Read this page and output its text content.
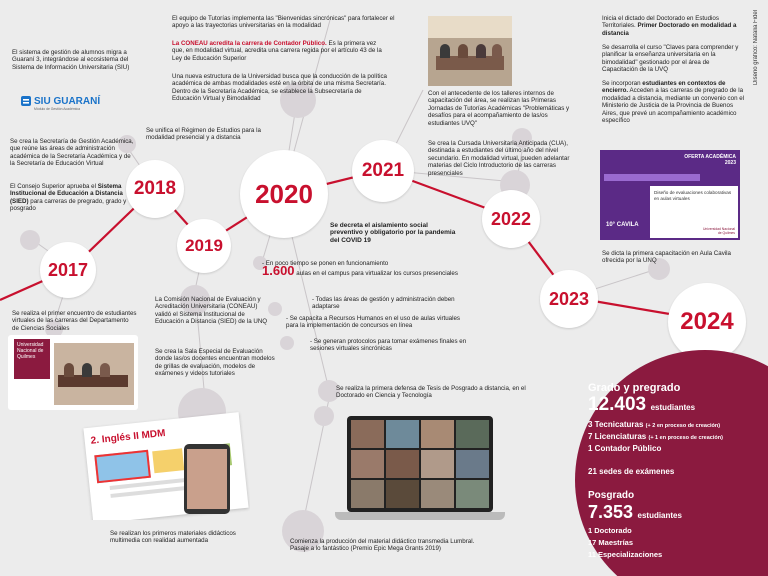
2017
2018
2019
2020
2021
2022
2023
2024
El sistema de gestión de alumnos migra a Guaraní 3, integrándose al ecosistema del Sistema de Información Universitaria (SIU)
SIU GUARANÍ
Módulo de Gestión Académica
Se crea la Secretaría de Gestión Académica, que reúne las áreas de administración académica de la Secretaría Académica y de la Secretaría de Educación Virtual
El Consejo Superior aprueba el Sistema Institucional de Educación a Distancia (SIED) para carreras de pregrado, grado y posgrado
Se realiza el primer encuentro de estudiantes virtuales de las carreras del Departamento de Ciencias Sociales
Universidad Nacional de Quilmes
Se unifica el Régimen de Estudios para la modalidad presencial y a distancia
El equipo de Tutorías implementa las "Bienvenidas sincrónicas" para fortalecer el apoyo a las trayectorias universitarias en la modalidad
La CONEAU acredita la carrera de Contador Público. Es la primera vez que, en modalidad virtual, acredita una carrera regida por el artículo 43 de la Ley de Educación Superior
Una nueva estructura de la Universidad busca que la conducción de la política académica de ambas modalidades esté en la órbita de una misma Secretaría. Dentro de la Secretaría Académica, se establece la Subsecretaría de Educación Virtual y Bimodalidad
La Comisión Nacional de Evaluación y Acreditación Universitaria (CONEAU) validó el Sistema Institucional de Educación a Distancia (SIED) de la UNQ
Se crea la Sala Especial de Evaluación donde las/os docentes encuentran modelos de grillas de evaluación, modelos de exámenes y videos tutoriales
2. Inglés II MDM
Se realizan los primeros materiales didácticos multimedia con realidad aumentada
Se decreta el aislamiento social preventivo y obligatorio por la pandemia del COVID 19
- En poco tiempo se ponen en funcionamiento
1.600 aulas en el campus para virtualizar los cursos presenciales
- Todas las áreas de gestión y administración deben adaptarse
- Se capacita a Recursos Humanos en el uso de aulas virtuales para la implementación de concursos en línea
- Se generan protocolos para tomar exámenes finales en sesiones virtuales sincrónicas
Se realiza la primera defensa de Tesis de Posgrado a distancia, en el Doctorado en Ciencia y Tecnología
Comienza la producción del material didáctico transmedia Lumbral. Pasaje a lo fantástico (Premio Epic Mega Grants 2019)
Con el antecedente de los talleres internos de capacitación del área, se realizan las Primeras Jornadas de Tutorías Académicas "Problemáticas y desafíos para el acompañamiento de las/os estudiantes UVQ"
Se crea la Cursada Universitaria Anticipada (CUA), destinada a estudiantes del último año del nivel secundario. En modalidad virtual, pueden adelantar materias del Ciclo Introductorio de las carreras presenciales
Inicia el dictado del Doctorado en Estudios Territoriales. Primer Doctorado en modalidad a distancia
Se desarrolla el curso "Claves para comprender y planificar la enseñanza universitaria en la bimodalidad" gestionado por el área de Capacitación de la UVQ
Se incorporan estudiantes en contextos de encierro. Acceden a las carreras de pregrado de la modalidad a distancia, mediante un convenio con el Ministerio de Justicia de la Provincia de Buenos Aires, que prevé un acompañamiento académico específico
OFERTA ACADÉMICA 2023
Diseño de evaluaciones colaborativas en aulas virtuales
Universidad Nacional de Quilmes
10° CAVILA
Se dicta la primera capacitación en Aula Cavila ofrecida por la UNQ
Diseño gráfico: Natalia Fidel
Grado y pregrado
12.403 estudiantes
3 Tecnicaturas (+ 2 en proceso de creación)
7 Licenciaturas (+ 1 en proceso de creación)
1 Contador Público
21 sedes de exámenes
Posgrado
7.353 estudiantes
1 Doctorado
17 Maestrías
11 Especializaciones
